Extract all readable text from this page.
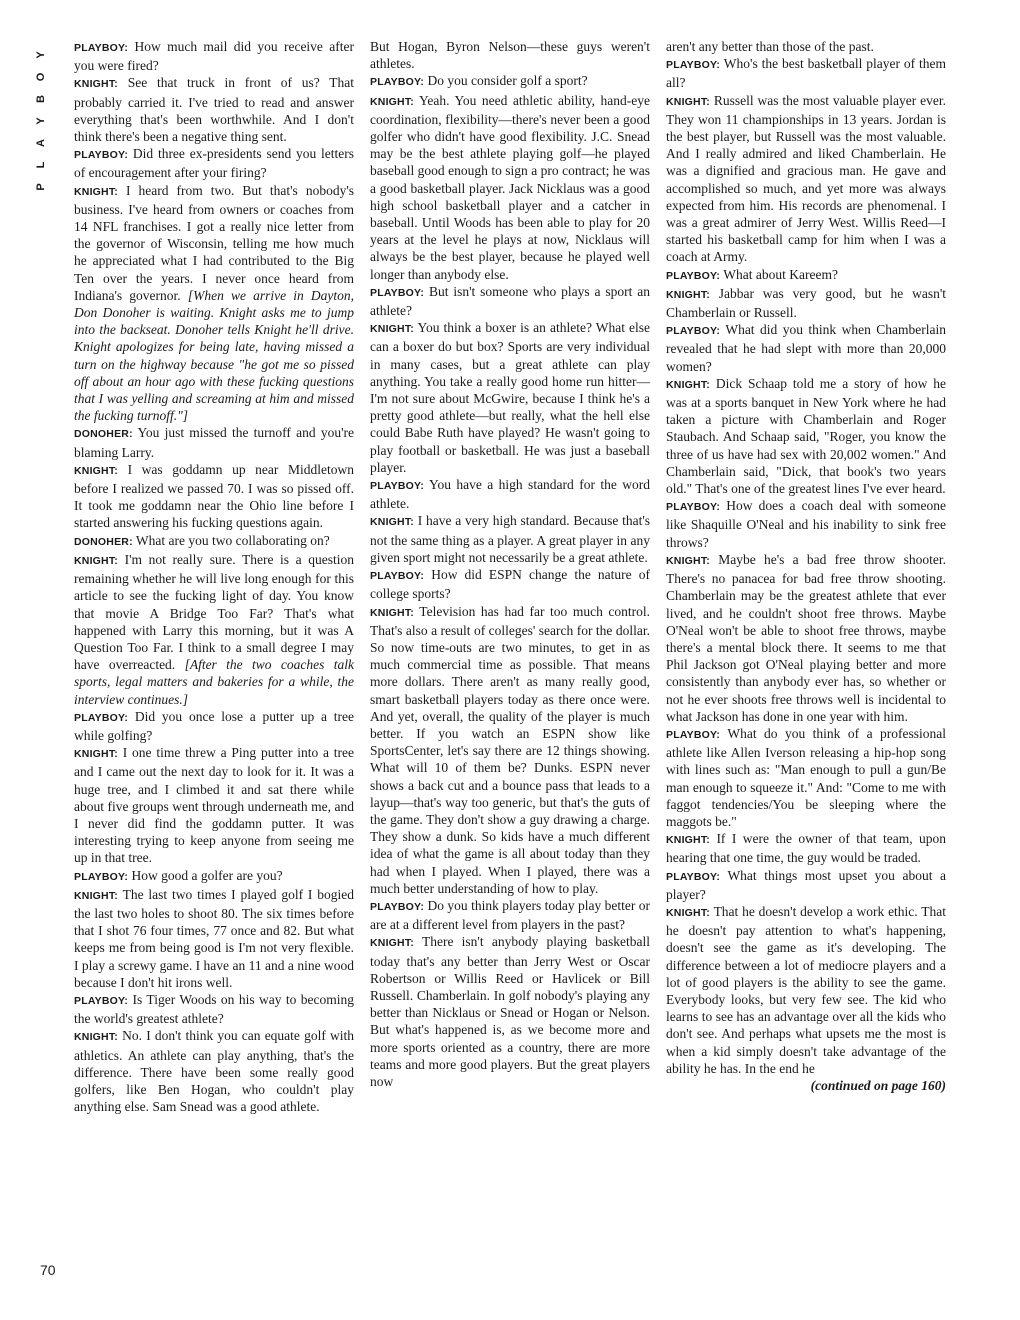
Y
O
B
Y
A
L
P
70

PLAYBOY: How much mail did you receive after you were fired?

KNIGHT: See that truck in front of us? That probably carried it. I've tried to read and answer everything that's been worthwhile. And I don't think there's been a negative thing sent.

PLAYBOY: Did three ex-presidents send you letters of encouragement after your firing?

KNIGHT: I heard from two. But that's nobody's business. I've heard from owners or coaches from 14 NFL franchises. I got a really nice letter from the governor of Wisconsin, telling me how much he appreciated what I had contributed to the Big Ten over the years. I never once heard from Indiana's governor. [When we arrive in Dayton, Don Donoher is waiting. Knight asks me to jump into the backseat. Donoher tells Knight he'll drive. Knight apologizes for being late, having missed a turn on the highway because "he got me so pissed off about an hour ago with these fucking questions that I was yelling and screaming at him and missed the fucking turnoff."]

DONOHER: You just missed the turnoff and you're blaming Larry.

KNIGHT: I was goddamn up near Middletown before I realized we passed 70. I was so pissed off. It took me goddamn near the Ohio line before I started answering his fucking questions again.

DONOHER: What are you two collaborating on?

KNIGHT: I'm not really sure. There is a question remaining whether he will live long enough for this article to see the fucking light of day. You know that movie A Bridge Too Far? That's what happened with Larry this morning, but it was A Question Too Far. I think to a small degree I may have overreacted. [After the two coaches talk sports, legal matters and bakeries for a while, the interview continues.]

PLAYBOY: Did you once lose a putter up a tree while golfing?

KNIGHT: I one time threw a Ping putter into a tree and I came out the next day to look for it. It was a huge tree, and I climbed it and sat there while about five groups went through underneath me, and I never did find the goddamn putter. It was interesting trying to keep anyone from seeing me up in that tree.

PLAYBOY: How good a golfer are you?

KNIGHT: The last two times I played golf I bogied the last two holes to shoot 80. The six times before that I shot 76 four times, 77 once and 82. But what keeps me from being good is I'm not very flexible. I play a screwy game. I have an 11 and a nine wood because I don't hit irons well.

PLAYBOY: Is Tiger Woods on his way to becoming the world's greatest athlete?

KNIGHT: No. I don't think you can equate golf with athletics. An athlete can play anything, that's the difference. There have been some really good golfers, like Ben Hogan, who couldn't play anything else. Sam Snead was a good athlete.

But Hogan, Byron Nelson—these guys weren't athletes.

PLAYBOY: Do you consider golf a sport?

KNIGHT: Yeah. You need athletic ability, hand-eye coordination, flexibility—there's never been a good golfer who didn't have good flexibility. J.C. Snead may be the best athlete playing golf—he played baseball good enough to sign a pro contract; he was a good basketball player. Jack Nicklaus was a good high school basketball player and a catcher in baseball. Until Woods has been able to play for 20 years at the level he plays at now, Nicklaus will always be the best player, because he played well longer than anybody else.

PLAYBOY: But isn't someone who plays a sport an athlete?

KNIGHT: You think a boxer is an athlete? What else can a boxer do but box? Sports are very individual in many cases, but a great athlete can play anything. You take a really good home run hitter—I'm not sure about McGwire, because I think he's a pretty good athlete—but really, what the hell else could Babe Ruth have played? He wasn't going to play football or basketball. He was just a baseball player.

PLAYBOY: You have a high standard for the word athlete.

KNIGHT: I have a very high standard. Because that's not the same thing as a player. A great player in any given sport might not necessarily be a great athlete.

PLAYBOY: How did ESPN change the nature of college sports?

KNIGHT: Television has had far too much control. That's also a result of colleges' search for the dollar. So now time-outs are two minutes, to get in as much commercial time as possible. That means more dollars. There aren't as many really good, smart basketball players today as there once were. And yet, overall, the quality of the player is much better. If you watch an ESPN show like SportsCenter, let's say there are 12 things showing. What will 10 of them be? Dunks. ESPN never shows a back cut and a bounce pass that leads to a layup—that's way too generic, but that's the guts of the game. They don't show a guy drawing a charge. They show a dunk. So kids have a much different idea of what the game is all about today than they had when I played. When I played, there was a much better understanding of how to play.

PLAYBOY: Do you think players today play better or are at a different level from players in the past?

KNIGHT: There isn't anybody playing basketball today that's any better than Jerry West or Oscar Robertson or Willis Reed or Havlicek or Bill Russell. Chamberlain. In golf nobody's playing any better than Nicklaus or Snead or Hogan or Nelson. But what's happened is, as we become more and more sports oriented as a country, there are more teams and more good players. But the great players now

aren't any better than those of the past.

PLAYBOY: Who's the best basketball player of them all?

KNIGHT: Russell was the most valuable player ever. They won 11 championships in 13 years. Jordan is the best player, but Russell was the most valuable. And I really admired and liked Chamberlain. He was a dignified and gracious man. He gave and accomplished so much, and yet more was always expected from him. His records are phenomenal. I was a great admirer of Jerry West. Willis Reed—I started his basketball camp for him when I was a coach at Army.

PLAYBOY: What about Kareem?

KNIGHT: Jabbar was very good, but he wasn't Chamberlain or Russell.

PLAYBOY: What did you think when Chamberlain revealed that he had slept with more than 20,000 women?

KNIGHT: Dick Schaap told me a story of how he was at a sports banquet in New York where he had taken a picture with Chamberlain and Roger Staubach. And Schaap said, "Roger, you know the three of us have had sex with 20,002 women." And Chamberlain said, "Dick, that book's two years old." That's one of the greatest lines I've ever heard.

PLAYBOY: How does a coach deal with someone like Shaquille O'Neal and his inability to sink free throws?

KNIGHT: Maybe he's a bad free throw shooter. There's no panacea for bad free throw shooting. Chamberlain may be the greatest athlete that ever lived, and he couldn't shoot free throws. Maybe O'Neal won't be able to shoot free throws, maybe there's a mental block there. It seems to me that Phil Jackson got O'Neal playing better and more consistently than anybody ever has, so whether or not he ever shoots free throws well is incidental to what Jackson has done in one year with him.

PLAYBOY: What do you think of a professional athlete like Allen Iverson releasing a hip-hop song with lines such as: "Man enough to pull a gun/Be man enough to squeeze it." And: "Come to me with faggot tendencies/You be sleeping where the maggots be."

KNIGHT: If I were the owner of that team, upon hearing that one time, the guy would be traded.

PLAYBOY: What things most upset you about a player?

KNIGHT: That he doesn't develop a work ethic. That he doesn't pay attention to what's happening, doesn't see the game as it's developing. The difference between a lot of mediocre players and a lot of good players is the ability to see the game. Everybody looks, but very few see. The kid who learns to see has an advantage over all the kids who don't see. And perhaps what upsets me the most is when a kid simply doesn't take advantage of the ability he has. In the end he

(continued on page 160)
